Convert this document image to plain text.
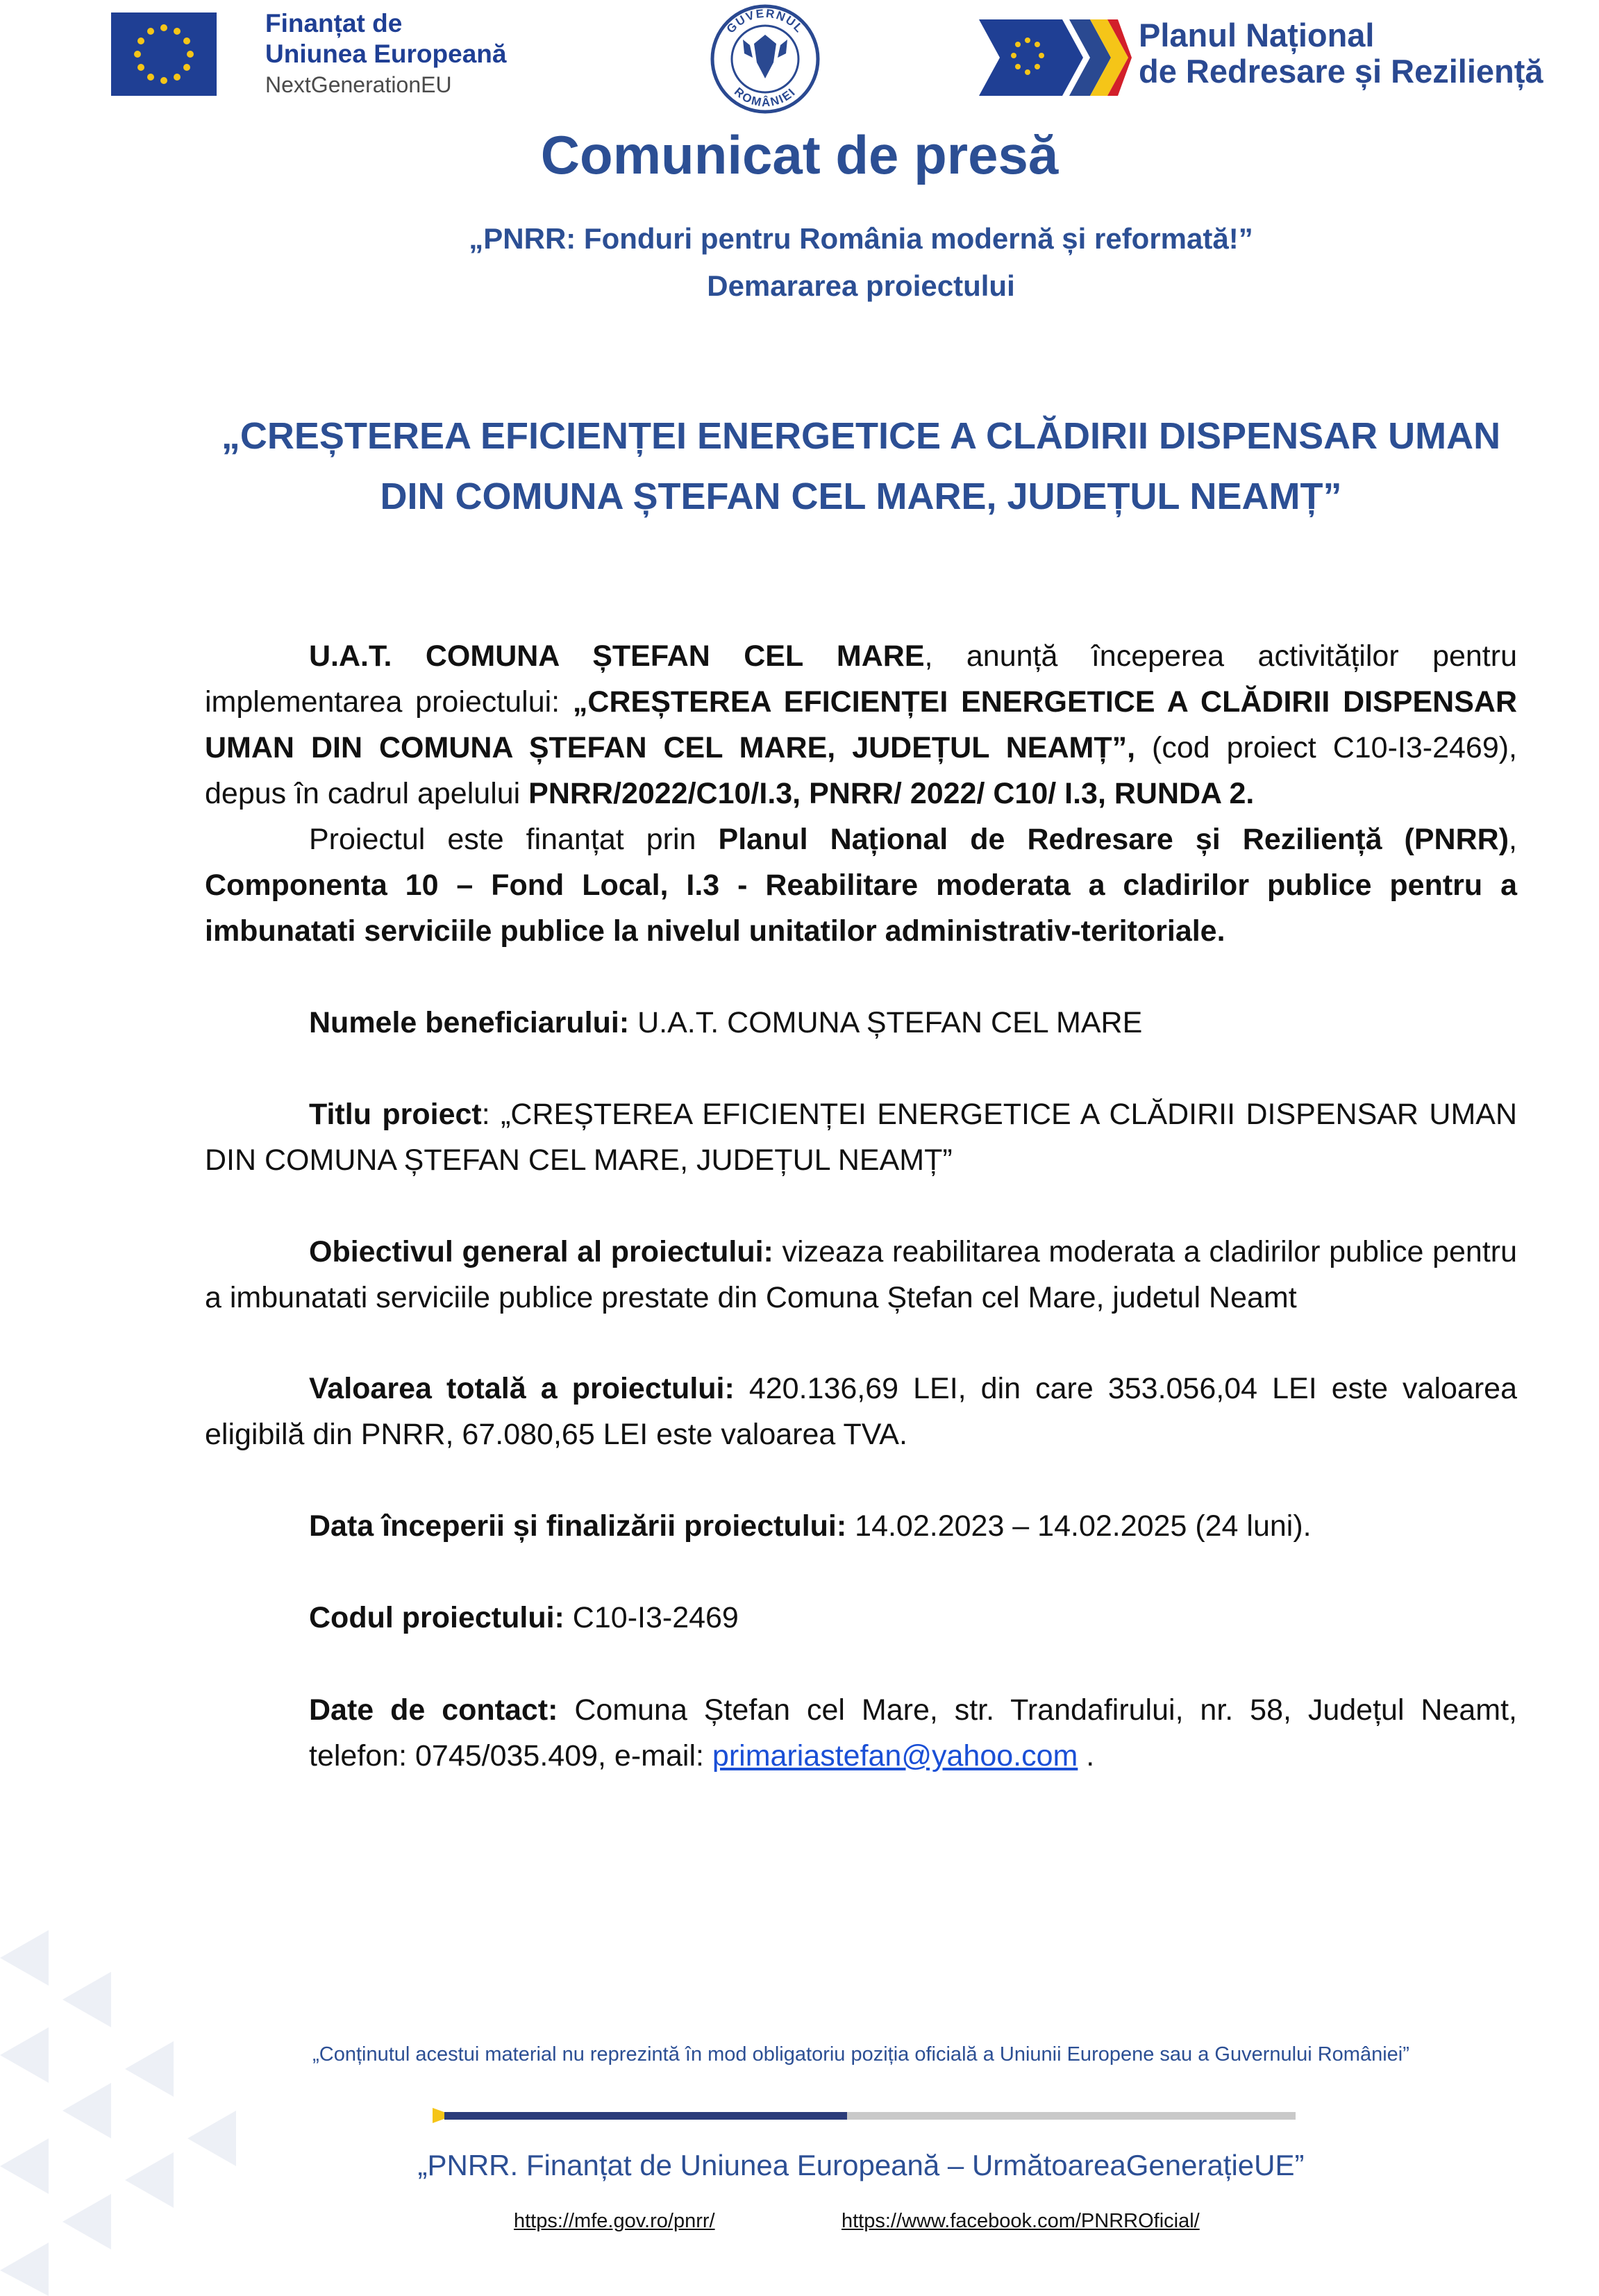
Finanțat de
Uniunea Europeană
NextGenerationEU
GUVERNUL
ROMÂNIEI
Planul Național
de Redresare și Reziliență
Comunicat de presă
„PNRR: Fonduri pentru România modernă și reformată!”
Demararea proiectului
„CREȘTEREA EFICIENȚEI ENERGETICE A CLĂDIRII DISPENSAR UMAN
DIN COMUNA ȘTEFAN CEL MARE, JUDEȚUL NEAMȚ”

U.A.T. COMUNA ȘTEFAN CEL MARE, anunță începerea activităților pentru implementarea proiectului: „CREȘTEREA EFICIENȚEI ENERGETICE A CLĂDIRII DISPENSAR UMAN DIN COMUNA ȘTEFAN CEL MARE, JUDEȚUL NEAMȚ”, (cod proiect C10-I3-2469), depus în cadrul apelului PNRR/2022/C10/I.3, PNRR/ 2022/ C10/ I.3, RUNDA 2.

Proiectul este finanțat prin Planul Național de Redresare și Reziliență (PNRR), Componenta 10 – Fond Local, I.3 - Reabilitare moderata a cladirilor publice pentru a imbunatati serviciile publice la nivelul unitatilor administrativ-teritoriale.

Numele beneficiarului: U.A.T. COMUNA ȘTEFAN CEL MARE
Titlu proiect: „CREȘTEREA EFICIENȚEI ENERGETICE A CLĂDIRII DISPENSAR UMAN DIN COMUNA ȘTEFAN CEL MARE, JUDEȚUL NEAMȚ”
Obiectivul general al proiectului: vizeaza reabilitarea moderata a cladirilor publice pentru a imbunatati serviciile publice prestate din Comuna Ștefan cel Mare, judetul Neamt
Valoarea totală a proiectului: 420.136,69 LEI, din care 353.056,04 LEI este valoarea eligibilă din PNRR, 67.080,65 LEI este valoarea TVA.
Data începerii și finalizării proiectului: 14.02.2023 – 14.02.2025 (24 luni).
Codul proiectului: C10-I3-2469
Date de contact: Comuna Ștefan cel Mare, str. Trandafirului, nr. 58, Județul Neamt, telefon: 0745/035.409, e-mail: primariastefan@yahoo.com .
„Conținutul acestui material nu reprezintă în mod obligatoriu poziția oficială a Uniunii Europene sau a Guvernului României”
„PNRR. Finanțat de Uniunea Europeană – UrmătoareaGenerațieUE”
https://mfe.gov.ro/pnrr/	https://www.facebook.com/PNRROficial/
